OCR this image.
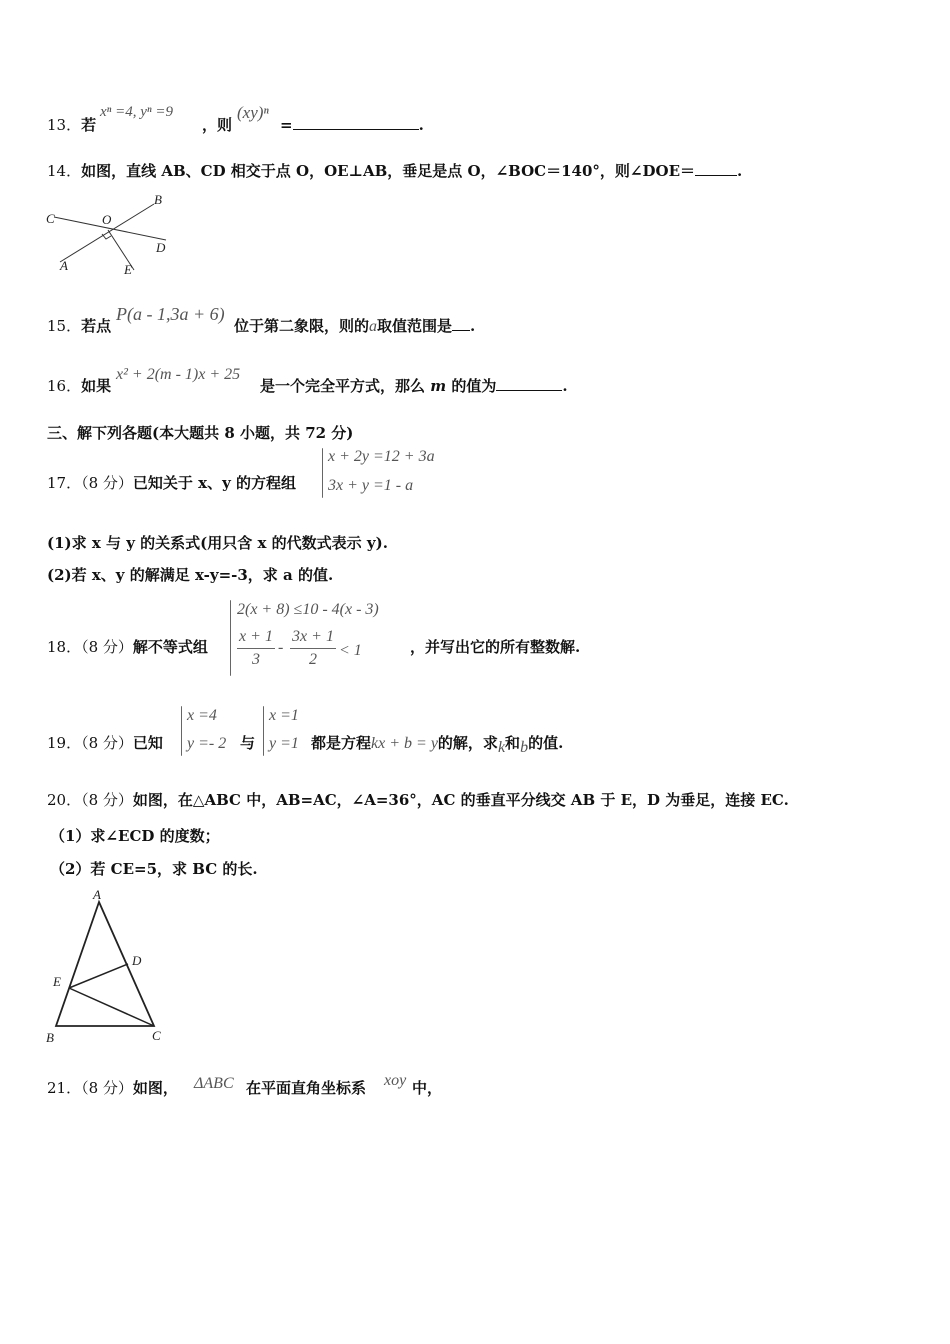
13．若
xⁿ =4, yⁿ =9
，则
(xy)ⁿ
=	.
14．如图，直线 AB、CD 相交于点 O，OE⊥AB，垂足是点 O，∠BOC＝140°，则∠DOE＝	.
C	O
B
D
A	E
15．若点
P(a - 1,3a + 6)
位于第二象限，则的a取值范围是 .
16．如果
x² + 2(m - 1)x + 25
是一个完全平方式，那么 m 的值为	.
三、解下列各题(本大题共 8 小题，共 72 分)
17．（8 分）已知关于 x、y 的方程组
x + 2y =12 + 3a
3x + y =1 - a
(1)求 x 与 y 的关系式(用只含 x 的代数式表示 y).
(2)若 x、y 的解满足 x-y=-3，求 a 的值.
18．（8 分）解不等式组
2(x + 8) ≤10 - 4(x - 3)
x + 1
3
-
3x + 1
2
< 1	，并写出它的所有整数解.
19．（8 分）已知
x =4
y =- 2 与
x =1
y =1 都是方程kx + b = y的解，求k和b的值.
20．（8 分）如图，在△ABC 中，AB=AC，∠A=36°，AC 的垂直平分线交 AB 于 E，D 为垂足，连接 EC.
（1）求∠ECD 的度数；
（2）若 CE=5，求 BC 的长.
A
D
E
B	C
21．（8 分）如图， ΔABC 在平面直角坐标系 xoy 中，
